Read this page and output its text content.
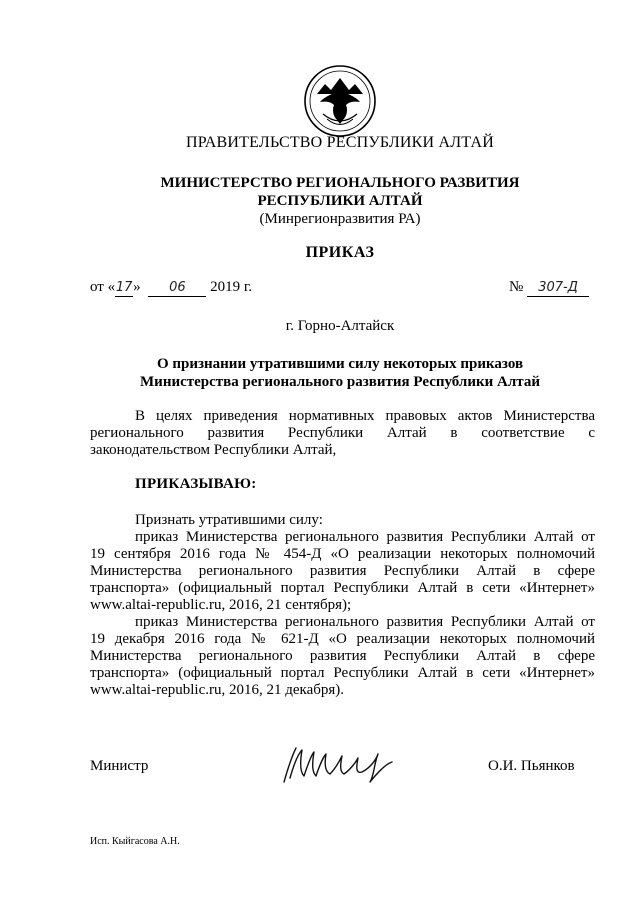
ПРАВИТЕЛЬСТВО РЕСПУБЛИКИ АЛТАЙ
МИНИСТЕРСТВО РЕГИОНАЛЬНОГО РАЗВИТИЯ
РЕСПУБЛИКИ АЛТАЙ
(Минрегионразвития РА)
ПРИКАЗ
от «17» 06 2019 г.	№ 307-Д
г. Горно-Алтайск
О признании утратившими силу некоторых приказов
Министерства регионального развития Республики Алтай
В целях приведения нормативных правовых актов Министерства
регионального развития Республики Алтай в соответствие с
законодательством Республики Алтай,
ПРИКАЗЫВАЮ:
Признать утратившими силу:
приказ Министерства регионального развития Республики Алтай от
19 сентября 2016 года № 454-Д «О реализации некоторых полномочий
Министерства регионального развития Республики Алтай в сфере
транспорта» (официальный портал Республики Алтай в сети «Интернет»
www.altai-republic.ru, 2016, 21 сентября);
приказ Министерства регионального развития Республики Алтай от
19 декабря 2016 года № 621-Д «О реализации некоторых полномочий
Министерства регионального развития Республики Алтай в сфере
транспорта» (официальный портал Республики Алтай в сети «Интернет»
www.altai-republic.ru, 2016, 21 декабря).
Министр	О.И. Пьянков
Исп. Кыйгасова А.Н.
